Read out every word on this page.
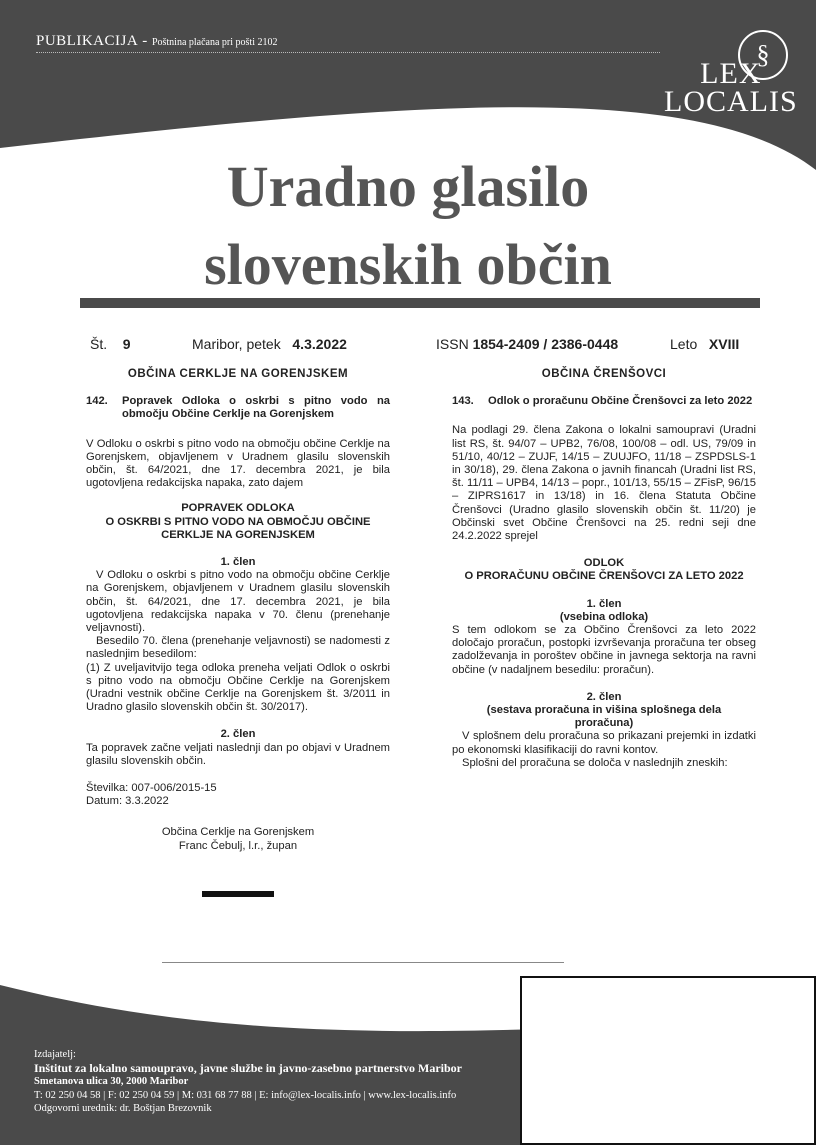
PUBLIKACIJA - Poštnina plačana pri pošti 2102	§
LEX
LOCALIS
Uradno glasilo
slovenskih občin
Št. 9	Maribor, petek 4.3.2022	ISSN 1854-2409 / 2386-0448	Leto XVIII
OBČINA CERKLJE NA GORENJSKEM
142.	Popravek Odloka o oskrbi s pitno vodo na območju Občine Cerklje na Gorenjskem

V Odloku o oskrbi s pitno vodo na območju občine Cerklje na Gorenjskem, objavljenem v Uradnem glasilu slovenskih občin, št. 64/2021, dne 17. decembra 2021, je bila ugotovljena redakcijska napaka, zato dajem

POPRAVEK ODLOKA
O OSKRBI S PITNO VODO NA OBMOČJU OBČINE
CERKLJE NA GORENJSKEM
1. člen

V Odloku o oskrbi s pitno vodo na območju občine Cerklje na Gorenjskem, objavljenem v Uradnem glasilu slovenskih občin, št. 64/2021, dne 17. decembra 2021, je bila ugotovljena redakcijska napaka v 70. členu (prenehanje veljavnosti).

Besedilo 70. člena (prenehanje veljavnosti) se nadomesti z naslednjim besedilom:

(1) Z uveljavitvijo tega odloka preneha veljati Odlok o oskrbi s pitno vodo na območju Občine Cerklje na Gorenjskem (Uradni vestnik občine Cerklje na Gorenjskem št. 3/2011 in Uradno glasilo slovenskih občin št. 30/2017).

2. člen

Ta popravek začne veljati naslednji dan po objavi v Uradnem glasilu slovenskih občin.

Številka: 007-006/2015-15
Datum: 3.3.2022
Občina Cerklje na Gorenjskem
Franc Čebulj, l.r., župan
OBČINA ČRENŠOVCI
143.	Odlok o proračunu Občine Črenšovci za leto 2022

Na podlagi 29. člena Zakona o lokalni samoupravi (Uradni list RS, št. 94/07 – UPB2, 76/08, 100/08 – odl. US, 79/09 in 51/10, 40/12 – ZUJF, 14/15 – ZUUJFO, 11/18 – ZSPDSLS-1 in 30/18), 29. člena Zakona o javnih financah (Uradni list RS, št. 11/11 – UPB4, 14/13 – popr., 101/13, 55/15 – ZFisP, 96/15 – ZIPRS1617 in 13/18) in 16. člena Statuta Občine Črenšovci (Uradno glasilo slovenskih občin št. 11/20) je Občinski svet Občine Črenšovci na 25. redni seji dne 24.2.2022 sprejel

ODLOK
O PRORAČUNU OBČINE ČRENŠOVCI ZA LETO 2022
1. člen
(vsebina odloka)

S tem odlokom se za Občino Črenšovci za leto 2022 določajo proračun, postopki izvrševanja proračuna ter obseg zadolževanja in poroštev občine in javnega sektorja na ravni občine (v nadaljnem besedilu: proračun).

2. člen
(sestava proračuna in višina splošnega dela
proračuna)

V splošnem delu proračuna so prikazani prejemki in izdatki po ekonomski klasifikaciji do ravni kontov.

Splošni del proračuna se določa v naslednjih zneskih:

Izdajatelj:
Inštitut za lokalno samoupravo, javne službe in javno-zasebno partnerstvo Maribor
Smetanova ulica 30, 2000 Maribor
T: 02 250 04 58 | F: 02 250 04 59 | M: 031 68 77 88 | E: info@lex-localis.info | www.lex-localis.info
Odgovorni urednik: dr. Boštjan Brezovnik
